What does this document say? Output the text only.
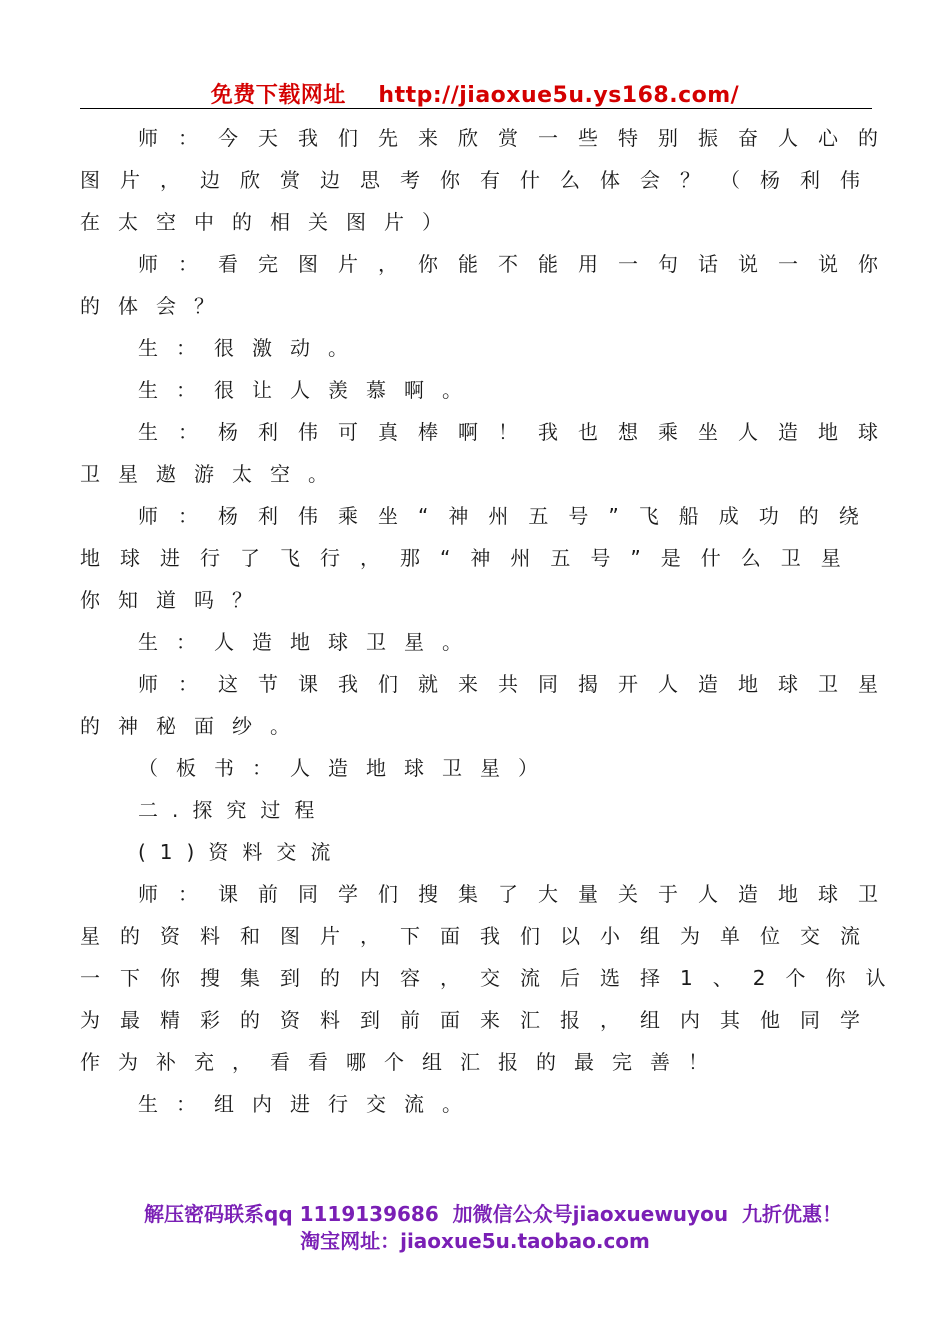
免费下载网址 http://jiaoxue5u.ys168.com/
师：今天我们先来欣赏一些特别振奋人心的
图片，边欣赏边思考你有什么体会？（杨利伟
在太空中的相关图片）
师：看完图片，你能不能用一句话说一说你
的体会？
生：很激动。
生：很让人羡慕啊。
生：杨利伟可真棒啊！我也想乘坐人造地球
卫星遨游太空。
师：杨利伟乘坐“神州五号”飞船成功的绕
地球进行了飞行，那“神州五号”是什么卫星
你知道吗？
生：人造地球卫星。
师：这节课我们就来共同揭开人造地球卫星
的神秘面纱。
（板书：人造地球卫星）
二.探究过程
(1)资料交流
师：课前同学们搜集了大量关于人造地球卫
星的资料和图片，下面我们以小组为单位交流
一下你搜集到的内容，交流后选择1、2个你认
为最精彩的资料到前面来汇报，组内其他同学
作为补充，看看哪个组汇报的最完善！
生：组内进行交流。
解压密码联系qq 1119139686  加微信公众号jiaoxuewuyou  九折优惠！
淘宝网址：jiaoxue5u.taobao.com
